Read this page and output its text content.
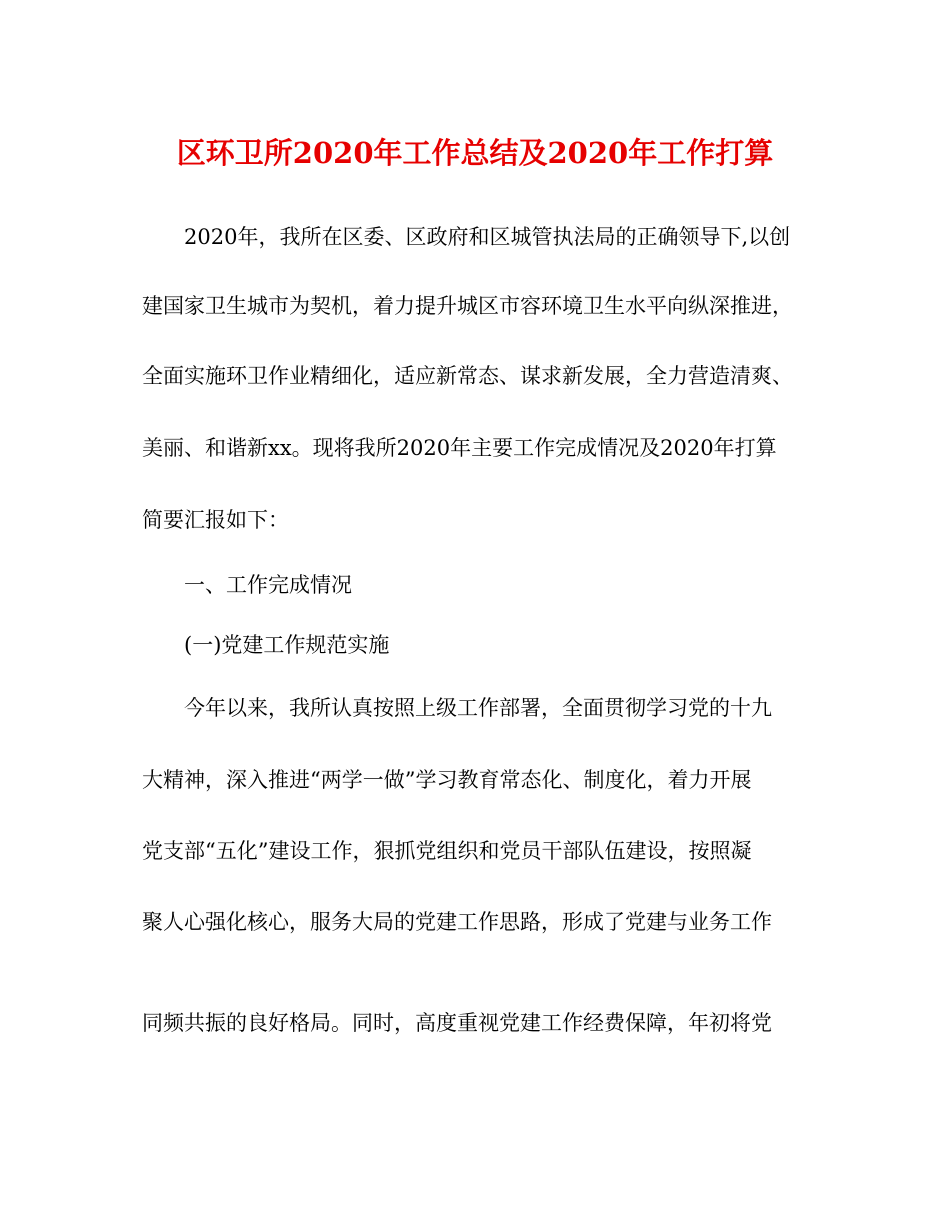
区环卫所2020年工作总结及2020年工作打算
　　2020年，我所在区委、区政府和区城管执法局的正确领导下,以创
建国家卫生城市为契机，着力提升城区市容环境卫生水平向纵深推进，
全面实施环卫作业精细化，适应新常态、谋求新发展，全力营造清爽、
美丽、和谐新xx。现将我所2020年主要工作完成情况及2020年打算
简要汇报如下：
　　一、工作完成情况
　　(一)党建工作规范实施
　　今年以来，我所认真按照上级工作部署，全面贯彻学习党的十九
大精神，深入推进“两学一做”学习教育常态化、制度化，着力开展
党支部“五化”建设工作，狠抓党组织和党员干部队伍建设，按照凝
聚人心强化核心，服务大局的党建工作思路，形成了党建与业务工作
同频共振的良好格局。同时，高度重视党建工作经费保障，年初将党
